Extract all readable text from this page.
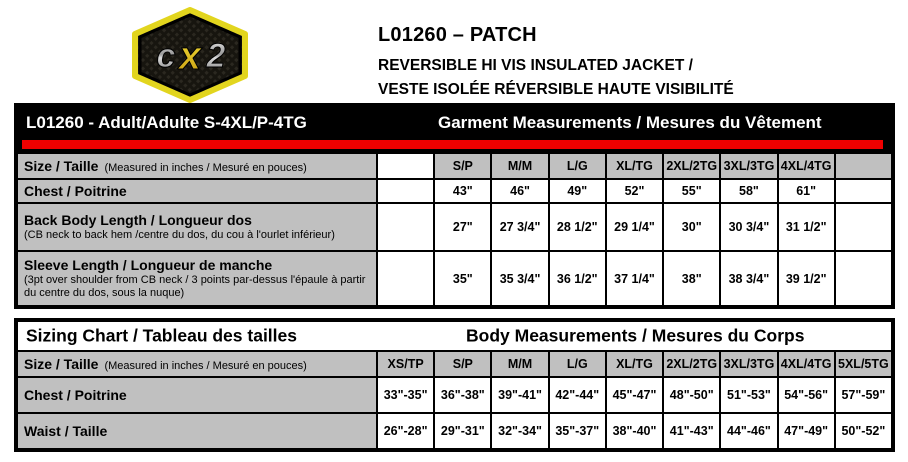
c x 2
L01260 – PATCH
REVERSIBLE HI VIS INSULATED JACKET /
VESTE ISOLÉE RÉVERSIBLE HAUTE VISIBILITÉ
L01260 - Adult/Adulte S-4XL/P-4TG	Garment Measurements / Mesures du Vêtement
Size / Taille (Measured in inches / Mesuré en pouces)	S/P	M/M	L/G	XL/TG	2XL/2TG 3XL/3TG 4XL/4TG
Chest / Poitrine	43"	46"	49"	52"	55"	58"	61"
Back Body Length / Longueur dos
(CB neck to back hem /centre du dos, du cou à l'ourlet inférieur)
27"	27 3/4"	28 1/2"	29 1/4"	30"	30 3/4"	31 1/2"
Sleeve Length / Longueur de manche
(3pt over shoulder from CB neck / 3 points par-dessus l'épaule à partir du centre du dos, sous la nuque)
35"	35 3/4"	36 1/2"	37 1/4"	38"	38 3/4"	39 1/2"
Sizing Chart / Tableau des tailles	Body Measurements / Mesures du Corps
Size / Taille (Measured in inches / Mesuré en pouces)	XS/TP	S/P	M/M	L/G	XL/TG	2XL/2TG 3XL/3TG 4XL/4TG 5XL/5TG
Chest / Poitrine	33"-35"	36"-38"	39"-41"	42"-44"	45"-47"	48"-50"	51"-53"	54"-56"	57"-59"
Waist / Taille	26"-28"	29"-31"	32"-34"	35"-37"	38"-40"	41"-43"	44"-46"	47"-49"	50"-52"
